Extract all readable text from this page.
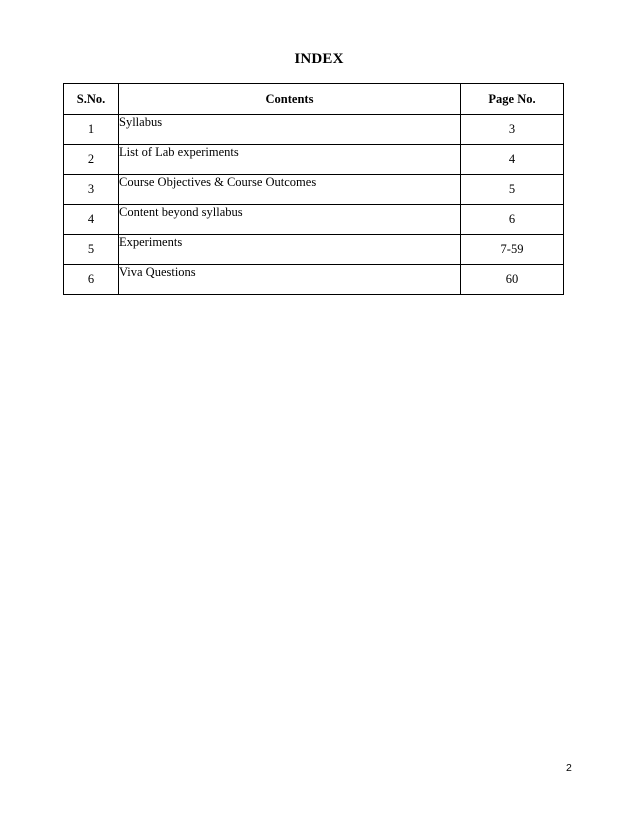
INDEX
S.No.	Contents	Page No.
1	Syllabus	3
2	List of Lab experiments	4
3	Course Objectives & Course Outcomes	5
4	Content beyond syllabus	6
5	Experiments	7-59
6	Viva Questions	60
2
